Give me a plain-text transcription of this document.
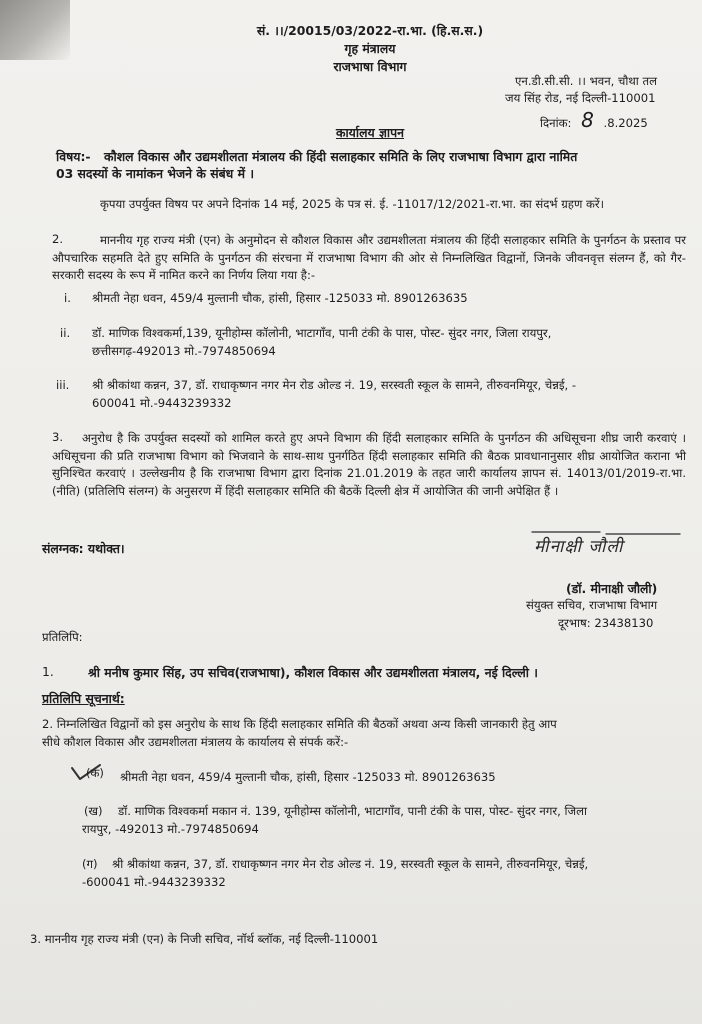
सं. ।।/20015/03/2022-रा.भा. (हि.स.स.)
गृह मंत्रालय
राजभाषा विभाग
एन.डी.सी.सी. ।। भवन, चौथा तल
जय सिंह रोड, नई दिल्ली-110001
दिनांक: 8 .8.2025
कार्यालय ज्ञापन
विषय:- कौशल विकास और उद्यमशीलता मंत्रालय की हिंदी सलाहकार समिति के लिए राजभाषा विभाग द्वारा नामित
03 सदस्यों के नामांकन भेजने के संबंध में ।
कृपया उपर्युक्त विषय पर अपने दिनांक 14 मई, 2025 के पत्र सं. ई. -11017/12/2021-रा.भा. का संदर्भ ग्रहण करें।
2.	माननीय गृह राज्य मंत्री (एन) के अनुमोदन से कौशल विकास और उद्यमशीलता मंत्रालय की हिंदी सलाहकार समिति के पुनर्गठन के प्रस्ताव पर औपचारिक सहमति देते हुए समिति के पुनर्गठन की संरचना में राजभाषा विभाग की ओर से निम्नलिखित विद्वानों, जिनके जीवनवृत्त संलग्न हैं, को गैर-सरकारी सदस्य के रूप में नामित करने का निर्णय लिया गया है:-
i. श्रीमती नेहा धवन, 459/4 मुल्तानी चौक, हांसी, हिसार -125033 मो. 8901263635
ii. डॉ. माणिक विश्वकर्मा,139, यूनीहोम्स कॉलोनी, भाटागाँव, पानी टंकी के पास, पोस्ट- सुंदर नगर, जिला रायपुर,
छत्तीसगढ़-492013 मो.-7974850694
iii. श्री श्रीकांथा कन्नन, 37, डॉ. राधाकृष्णन नगर मेन रोड ओल्ड नं. 19, सरस्वती स्कूल के सामने, तीरुवनमियूर, चेन्नई, -
600041 मो.-9443239332
3.	अनुरोध है कि उपर्युक्त सदस्यों को शामिल करते हुए अपने विभाग की हिंदी सलाहकार समिति के पुनर्गठन की अधिसूचना शीघ्र जारी करवाएं । अधिसूचना की प्रति राजभाषा विभाग को भिजवाने के साथ-साथ पुनर्गठित हिंदी सलाहकार समिति की बैठक प्रावधानानुसार शीघ्र आयोजित कराना भी सुनिश्चित करवाएं । उल्लेखनीय है कि राजभाषा विभाग द्वारा दिनांक 21.01.2019 के तहत जारी कार्यालय ज्ञापन सं. 14013/01/2019-रा.भा.(नीति) (प्रतिलिपि संलग्न) के अनुसरण में हिंदी सलाहकार समिति की बैठकें दिल्ली क्षेत्र में आयोजित की जानी अपेक्षित हैं ।
संलग्नक: यथोक्त।	मीनाक्षी जौली
(डॉ. मीनाक्षी जौली)
संयुक्त सचिव, राजभाषा विभाग
दूरभाष: 23438130
प्रतिलिपि:
1.	श्री मनीष कुमार सिंह, उप सचिव(राजभाषा), कौशल विकास और उद्यमशीलता मंत्रालय, नई दिल्ली ।
प्रतिलिपि सूचनार्थ:
2. निम्नलिखित विद्वानों को इस अनुरोध के साथ कि हिंदी सलाहकार समिति की बैठकों अथवा अन्य किसी जानकारी हेतु आप
सीधे कौशल विकास और उद्यमशीलता मंत्रालय के कार्यालय से संपर्क करें:-
(क) श्रीमती नेहा धवन, 459/4 मुल्तानी चौक, हांसी, हिसार -125033 मो. 8901263635
(ख) डॉ. माणिक विश्वकर्मा मकान नं. 139, यूनीहोम्स कॉलोनी, भाटागाँव, पानी टंकी के पास, पोस्ट- सुंदर नगर, जिला
रायपुर, -492013 मो.-7974850694
(ग) श्री श्रीकांथा कन्नन, 37, डॉ. राधाकृष्णन नगर मेन रोड ओल्ड नं. 19, सरस्वती स्कूल के सामने, तीरुवनमियूर, चेन्नई,
-600041 मो.-9443239332
3. माननीय गृह राज्य मंत्री (एन) के निजी सचिव, नॉर्थ ब्लॉक, नई दिल्ली-110001
